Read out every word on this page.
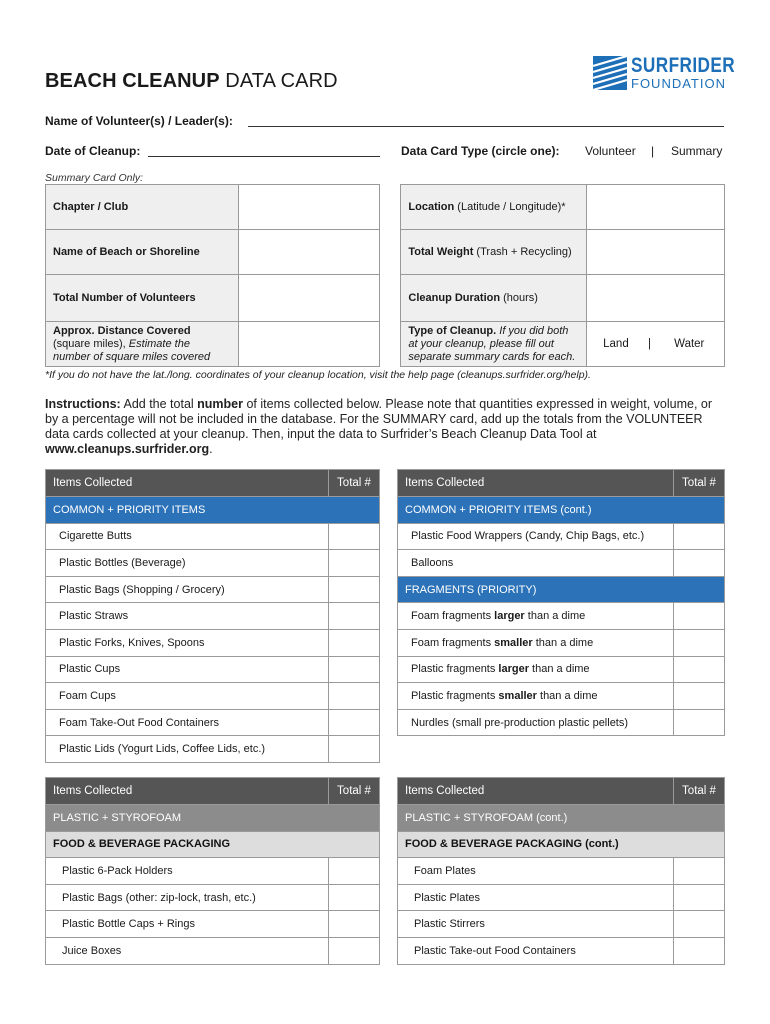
BEACH CLEANUP DATA CARD
SURFRIDER
FOUNDATION
Name of Volunteer(s) / Leader(s):
Date of Cleanup:	Data Card Type (circle one): Volunteer | Summary
Summary Card Only:
Chapter / Club			Location (Latitude / Longitude)*	
Name of Beach or Shoreline			Total Weight (Trash + Recycling)	
Total Number of Volunteers			Cleanup Duration (hours)	
Approx. Distance Covered
(square miles), Estimate the
number of square miles covered			Type of Cleanup. If you did both
at your cleanup, please fill out
separate summary cards for each.	Land | Water
*If you do not have the lat./long. coordinates of your cleanup location, visit the help page (cleanups.surfrider.org/help).
Instructions: Add the total number of items collected below. Please note that quantities expressed in weight, volume, or by a percentage will not be included in the database. For the SUMMARY card, add up the totals from the VOLUNTEER data cards collected at your cleanup. Then, input the data to Surfrider’s Beach Cleanup Data Tool at www.cleanups.surfrider.org.
Items Collected	Total #
COMMON + PRIORITY ITEMS	
Cigarette Butts	
Plastic Bottles (Beverage)	
Plastic Bags (Shopping / Grocery)	
Plastic Straws	
Plastic Forks, Knives, Spoons	
Plastic Cups	
Foam Cups	
Foam Take-Out Food Containers	
Plastic Lids (Yogurt Lids, Coffee Lids, etc.)	
Items Collected	Total #
COMMON + PRIORITY ITEMS (cont.)	
Plastic Food Wrappers (Candy, Chip Bags, etc.)	
Balloons	
FRAGMENTS (PRIORITY)	
Foam fragments larger than a dime	
Foam fragments smaller than a dime	
Plastic fragments larger than a dime	
Plastic fragments smaller than a dime	
Nurdles (small pre-production plastic pellets)	
Items Collected	Total #
PLASTIC + STYROFOAM	
FOOD & BEVERAGE PACKAGING	
Plastic 6-Pack Holders	
Plastic Bags (other: zip-lock, trash, etc.)	
Plastic Bottle Caps + Rings	
Juice Boxes	
Items Collected	Total #
PLASTIC + STYROFOAM (cont.)	
FOOD & BEVERAGE PACKAGING (cont.)	
Foam Plates	
Plastic Plates	
Plastic Stirrers	
Plastic Take-out Food Containers	
